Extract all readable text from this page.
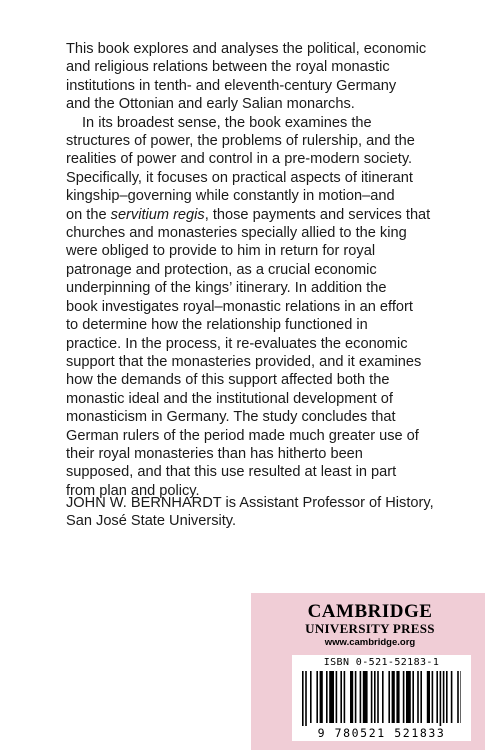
This book explores and analyses the political, economic
and religious relations between the royal monastic
institutions in tenth- and eleventh-century Germany
and the Ottonian and early Salian monarchs.

In its broadest sense, the book examines the
structures of power, the problems of rulership, and the
realities of power and control in a pre-modern society.
Specifically, it focuses on practical aspects of itinerant
kingship–governing while constantly in motion–and
on the servitium regis, those payments and services that
churches and monasteries specially allied to the king
were obliged to provide to him in return for royal
patronage and protection, as a crucial economic
underpinning of the kings’ itinerary. In addition the
book investigates royal–monastic relations in an effort
to determine how the relationship functioned in
practice. In the process, it re-evaluates the economic
support that the monasteries provided, and it examines
how the demands of this support affected both the
monastic ideal and the institutional development of
monasticism in Germany. The study concludes that
German rulers of the period made much greater use of
their royal monasteries than has hitherto been
supposed, and that this use resulted at least in part
from plan and policy.

JOHN W. BERNHARDT is Assistant Professor of History,
San José State University.

CAMBRIDGE
UNIVERSITY PRESS
www.cambridge.org
ISBN 0-521-52183-1
9 780521 521833
